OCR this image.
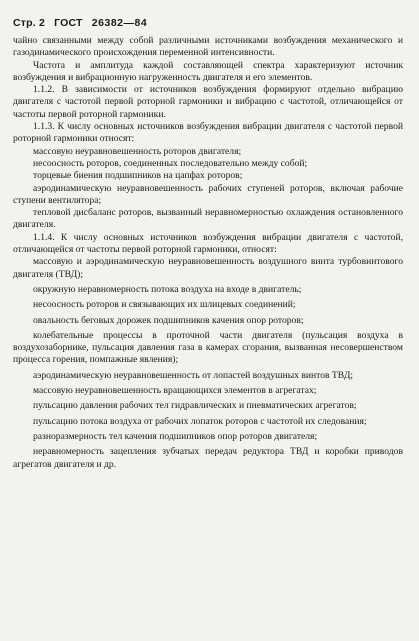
Стр. 2 ГОСТ 26382—84

чайно связанными между собой различными источниками возбуждения механического и газодинамического происхождения переменной интенсивности.

Частота и амплитуда каждой составляющей спектра характеризуют источник возбуждения и вибрационную нагруженность двигателя и его элементов.

1.1.2. В зависимости от источников возбуждения формируют отдельно вибрацию двигателя с частотой первой роторной гармоники и вибрацию с частотой, отличающейся от частоты первой роторной гармоники.

1.1.3. К числу основных источников возбуждения вибрации двигателя с частотой первой роторной гармоники относят:

массовую неуравновешенность роторов двигателя;

несоосность роторов, соединенных последовательно между собой;

торцевые биения подшипников на цапфах роторов;

аэродинамическую неуравновешенность рабочих ступеней роторов, включая рабочие ступени вентилятора;

тепловой дисбаланс роторов, вызванный неравномерностью охлаждения остановленного двигателя.

1.1.4. К числу основных источников возбуждения вибрации двигателя с частотой, отличающейся от частоты первой роторной гармоники, относят:

массовую и аэродинамическую неуравновешенность воздушного винта турбовинтового двигателя (ТВД);

окружную неравномерность потока воздуха на входе в двигатель;

несоосность роторов и связывающих их шлицевых соединений;

овальность беговых дорожек подшипников качения опор роторов;

колебательные процессы в проточной части двигателя (пульсация воздуха в воздухозаборнике, пульсация давления газа в камерах сгорания, вызванная несовершенством процесса горения, помпажные явления);

аэродинамическую неуравновешенность от лопастей воздушных винтов ТВД;

массовую неуравновешенность вращающихся элементов в агрегатах;

пульсацию давления рабочих тел гидравлических и пневматических агрегатов;

пульсацию потока воздуха от рабочих лопаток роторов с частотой их следования;

разноразмерность тел качения подшипников опор роторов двигателя;

неравномерность зацепления зубчатых передач редуктора ТВД и коробки приводов агрегатов двигателя и др.
